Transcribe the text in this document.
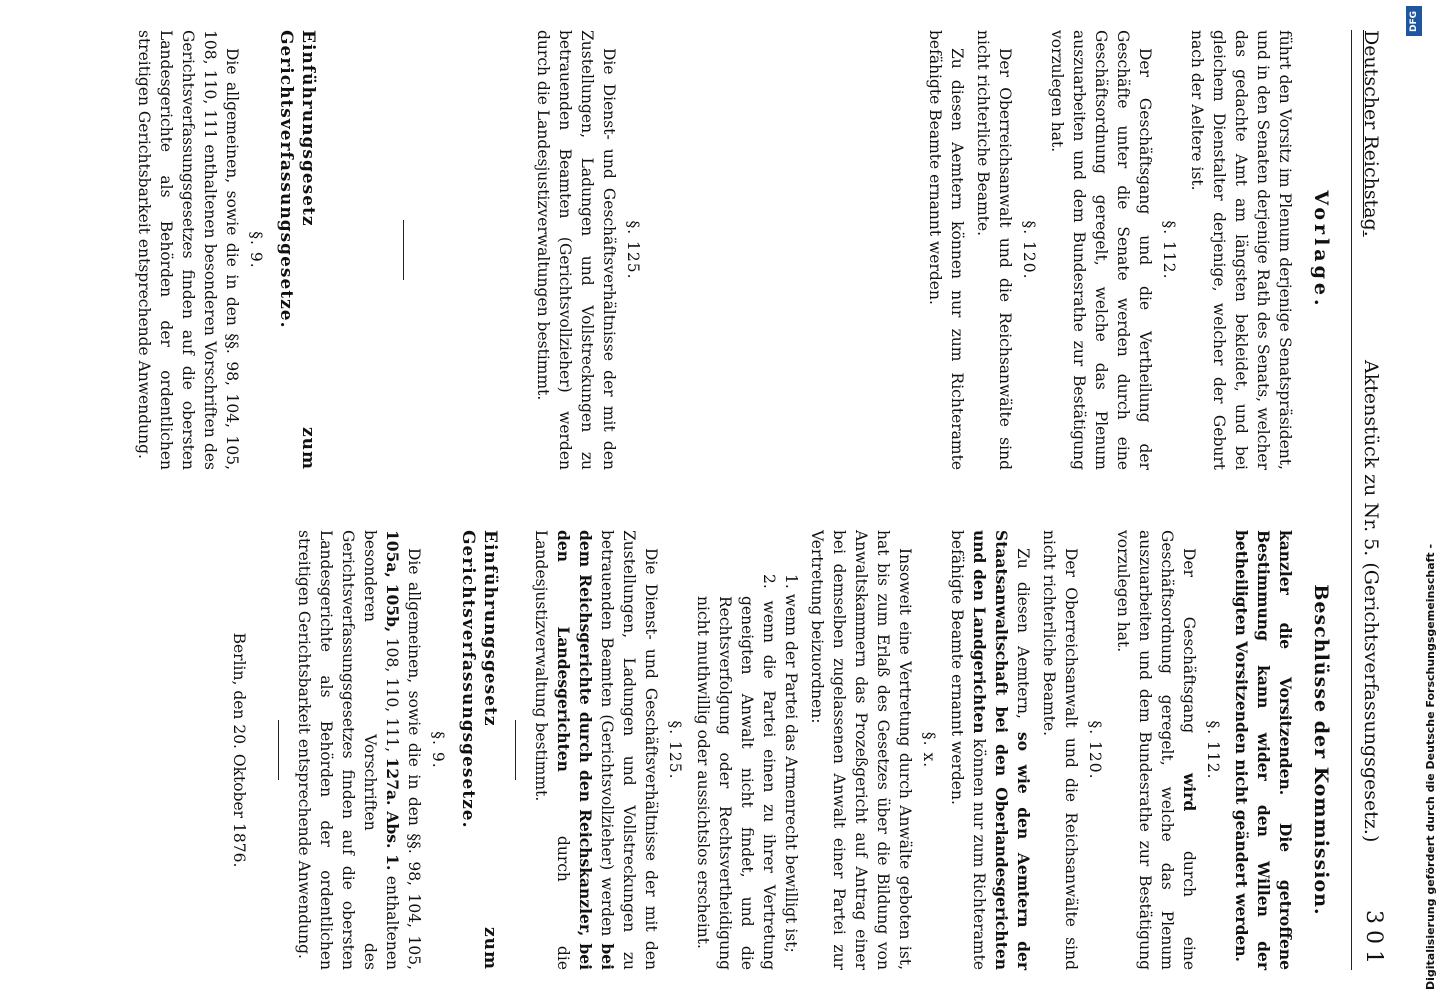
Deutscher Reichstag.
Aktenstück zu Nr. 5. (Gerichtsverfassungsgesetz.)
301
Vorlage.

führt den Vorsitz im Plenum derjenige Senatspräsident, und in den Senaten derjenige Rath des Senats, welcher das gedachte Amt am längsten bekleidet, und bei gleichem Dienstalter derjenige, welcher der Geburt nach der Aeltere ist.

§. 112.

Der Geschäftsgang und die Vertheilung der Geschäfte unter die Senate werden durch eine Geschäftsordnung geregelt, welche das Plenum auszuarbeiten und dem Bundesrathe zur Bestätigung vorzulegen hat.

§. 120.

Der Oberreichsanwalt und die Reichsanwälte sind nicht richterliche Beamte.

Zu diesen Aemtern können nur zum Richteramte befähigte Beamte ernannt werden.

§. 125.

Die Dienst- und Geschäftsverhältnisse der mit den Zustellungen, Ladungen und Vollstreckungen zu betrauenden Beamten (Gerichtsvollzieher) werden durch die Landesjustizverwaltungen bestimmt.

Einführungsgesetz zum Gerichtsverfassungsgesetze.
§. 9.

Die allgemeinen, sowie die in den §§. 98, 104, 105, 108, 110, 111 enthaltenen besonderen Vorschriften des Gerichtsverfassungsgesetzes finden auf die obersten Landesgerichte als Behörden der ordentlichen streitigen Gerichtsbarkeit entsprechende Anwendung.

Beschlüsse der Kommission.

kanzler die Vorsitzenden. Die getroffene Bestimmung kann wider den Willen der betheiligten Vorsitzenden nicht geändert werden.

§. 112.

Der Geschäftsgang wird durch eine Geschäftsordnung geregelt, welche das Plenum auszuarbeiten und dem Bundesrathe zur Bestätigung vorzulegen hat.

§. 120.

Der Oberreichsanwalt und die Reichsanwälte sind nicht richterliche Beamte.

Zu diesen Aemtern, so wie den Aemtern der Staatsanwaltschaft bei den Oberlandesgerichten und den Landgerichten können nur zum Richteramte befähigte Beamte ernannt werden.

§. x.

Insoweit eine Vertretung durch Anwälte geboten ist, hat bis zum Erlaß des Gesetzes über die Bildung von Anwaltskammern das Prozeßgericht auf Antrag einer bei demselben zugelassenen Anwalt einer Partei zur Vertretung beizuordnen:

1. wenn der Partei das Armenrecht bewilligt ist;
2. wenn die Partei einen zu ihrer Vertretung geneigten Anwalt nicht findet, und die Rechtsverfolgung oder Rechtsvertheidigung nicht muthwillig oder aussichtslos erscheint.
§. 125.

Die Dienst- und Geschäftsverhältnisse der mit den Zustellungen, Ladungen und Vollstreckungen zu betrauenden Beamten (Gerichtsvollzieher) werden bei dem Reichsgerichte durch den Reichskanzler, bei den Landesgerichten durch die Landesjustizverwaltung bestimmt.

Einführungsgesetz zum Gerichtsverfassungsgesetze.
§. 9.

Die allgemeinen, sowie die in den §§. 98, 104, 105, 105a, 105b, 108, 110, 111, 127a. Abs. 1. enthaltenen besonderen Vorschriften des Gerichtsverfassungsgesetzes finden auf die obersten Landesgerichte als Behörden der ordentlichen streitigen Gerichtsbarkeit entsprechende Anwendung.

Berlin, den 20. Oktober 1876.	Digitalisierung gefördert durch die Deutsche Forschungsgemeinschaft -
DFG
